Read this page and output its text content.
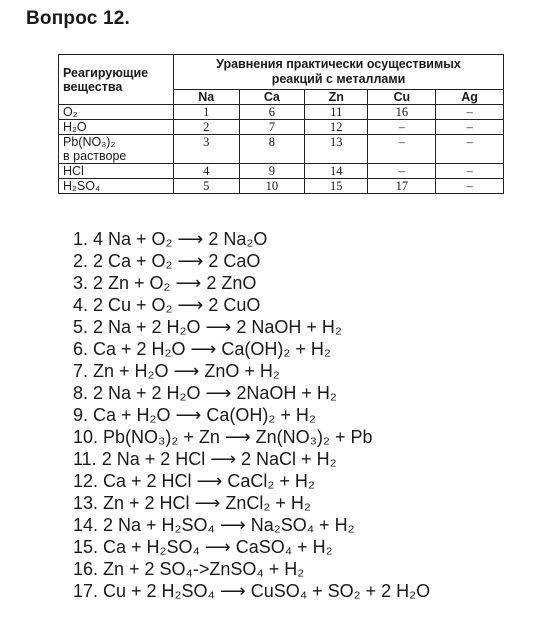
Вопрос 12.
Реагирующие
вещества	Уравнения практически осуществимых
реакций с металлами				
	Na	Ca	Zn	Cu	Ag
O₂	1	6	11	16	–
H₂O	2	7	12	–	–
Pb(NO₃)₂
в растворе	3	8	13	–	–
HCl	4	9	14	–	–
H₂SO₄	5	10	15	17	–
1. 4 Na + O₂ ⟶ 2 Na₂O
2. 2 Ca + O₂ ⟶ 2 CaO
3. 2 Zn + O₂ ⟶ 2 ZnO
4. 2 Cu + O₂ ⟶ 2 CuO
5. 2 Na + 2 H₂O ⟶ 2 NaOH + H₂
6. Ca + 2 H₂O ⟶ Ca(OH)₂ + H₂
7. Zn + H₂O ⟶ ZnO + H₂
8. 2 Na + 2 H₂O ⟶ 2NaOH + H₂
9. Ca + H₂O ⟶ Ca(OH)₂ + H₂
10. Pb(NO₃)₂ + Zn ⟶ Zn(NO₃)₂ + Pb
11. 2 Na + 2 HCl ⟶ 2 NaCl + H₂
12. Ca + 2 HCl ⟶ CaCl₂ + H₂
13. Zn + 2 HCl ⟶ ZnCl₂ + H₂
14. 2 Na + H₂SO₄ ⟶ Na₂SO₄ + H₂
15. Ca + H₂SO₄ ⟶ CaSO₄ + H₂
16. Zn + 2 SO₄->ZnSO₄ + H₂
17. Cu + 2 H₂SO₄ ⟶ CuSO₄ + SO₂ + 2 H₂O
